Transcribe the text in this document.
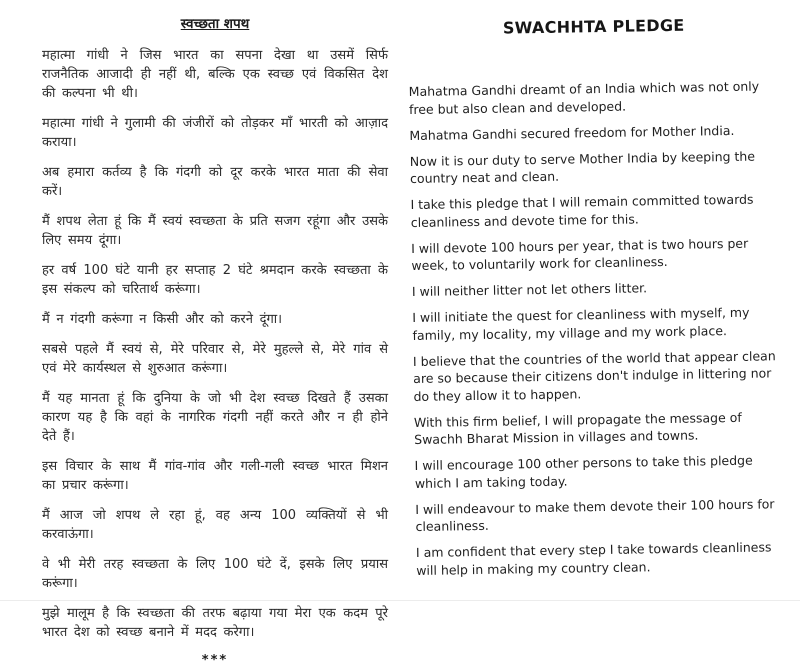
स्वच्छता शपथ

महात्मा गांधी ने जिस भारत का सपना देखा था उसमें सिर्फ राजनैतिक आजादी ही नहीं थी, बल्कि एक स्वच्छ एवं विकसित देश की कल्पना भी थी।

महात्मा गांधी ने गुलामी की जंजीरों को तोड़कर माँ भारती को आज़ाद कराया।

अब हमारा कर्तव्य है कि गंदगी को दूर करके भारत माता की सेवा करें।

मैं शपथ लेता हूं कि मैं स्वयं स्वच्छता के प्रति सजग रहूंगा और उसके लिए समय दूंगा।

हर वर्ष 100 घंटे यानी हर सप्ताह 2 घंटे श्रमदान करके स्वच्छता के इस संकल्प को चरितार्थ करूंगा।

मैं न गंदगी करूंगा न किसी और को करने दूंगा।

सबसे पहले मैं स्वयं से, मेरे परिवार से, मेरे मुहल्ले से, मेरे गांव से एवं मेरे कार्यस्थल से शुरुआत करूंगा।

मैं यह मानता हूं कि दुनिया के जो भी देश स्वच्छ दिखते हैं उसका कारण यह है कि वहां के नागरिक गंदगी नहीं करते और न ही होने देते हैं।

इस विचार के साथ मैं गांव-गांव और गली-गली स्वच्छ भारत मिशन का प्रचार करूंगा।

मैं आज जो शपथ ले रहा हूं, वह अन्य 100 व्यक्तियों से भी करवाऊंगा।

वे भी मेरी तरह स्वच्छता के लिए 100 घंटे दें, इसके लिए प्रयास करूंगा।

मुझे मालूम है कि स्वच्छता की तरफ बढ़ाया गया मेरा एक कदम पूरे भारत देश को स्वच्छ बनाने में मदद करेगा।

***
SWACHHTA PLEDGE

Mahatma Gandhi dreamt of an India which was not only free but also clean and developed.

Mahatma Gandhi secured freedom for Mother India.

Now it is our duty to serve Mother India by keeping the country neat and clean.

I take this pledge that I will remain committed towards cleanliness and devote time for this.

I will devote 100 hours per year, that is two hours per week, to voluntarily work for cleanliness.

I will neither litter not let others litter.

I will initiate the quest for cleanliness with myself, my family, my locality, my village and my work place.

I believe that the countries of the world that appear clean are so because their citizens don't indulge in littering nor do they allow it to happen.

With this firm belief, I will propagate the message of Swachh Bharat Mission in villages and towns.

I will encourage 100 other persons to take this pledge which I am taking today.

I will endeavour to make them devote their 100 hours for cleanliness.

I am confident that every step I take towards cleanliness will help in making my country clean.
